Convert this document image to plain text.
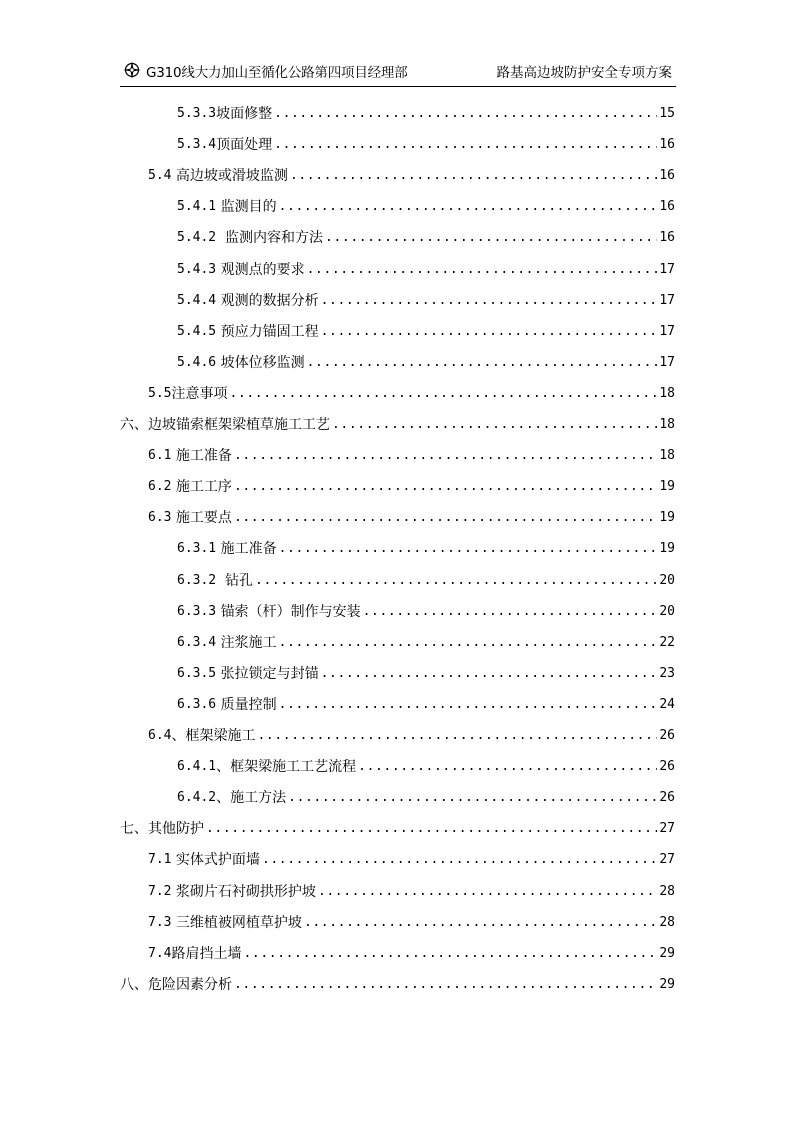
G310线大力加山至循化公路第四项目经理部	路基高边坡防护安全专项方案
5.3.3 坡面修整 .....	15
5.3.4 顶面处理 .....	16
5.4 高边坡或滑坡监测 .....	16
5.4.1 监测目的 .....	16
5.4.2 监测内容和方法 .....	16
5.4.3 观测点的要求 .....	17
5.4.4 观测的数据分析 .....	17
5.4.5 预应力锚固工程 .....	17
5.4.6 坡体位移监测 .....	17
5.5 注意事项 .....	18
六、边坡锚索框架梁植草施工工艺 .....	18
6.1 施工准备 .....	18
6.2 施工工序 .....	19
6.3 施工要点 .....	19
6.3.1 施工准备 .....	19
6.3.2 钻孔 .....	20
6.3.3 锚索（杆）制作与安装 .....	20
6.3.4 注浆施工 .....	22
6.3.5 张拉锁定与封锚 .....	23
6.3.6 质量控制 .....	24
6.4 、框架梁施工 .....	26
6.4.1 、框架梁施工工艺流程 .....	26
6.4.2 、施工方法 .....	26
七、其他防护 .....	27
7.1 实体式护面墙 .....	27
7.2 浆砌片石衬砌拱形护坡 .....	28
7.3 三维植被网植草护坡 .....	28
7.4 路肩挡土墙 .....	29
八、危险因素分析 .....	29
